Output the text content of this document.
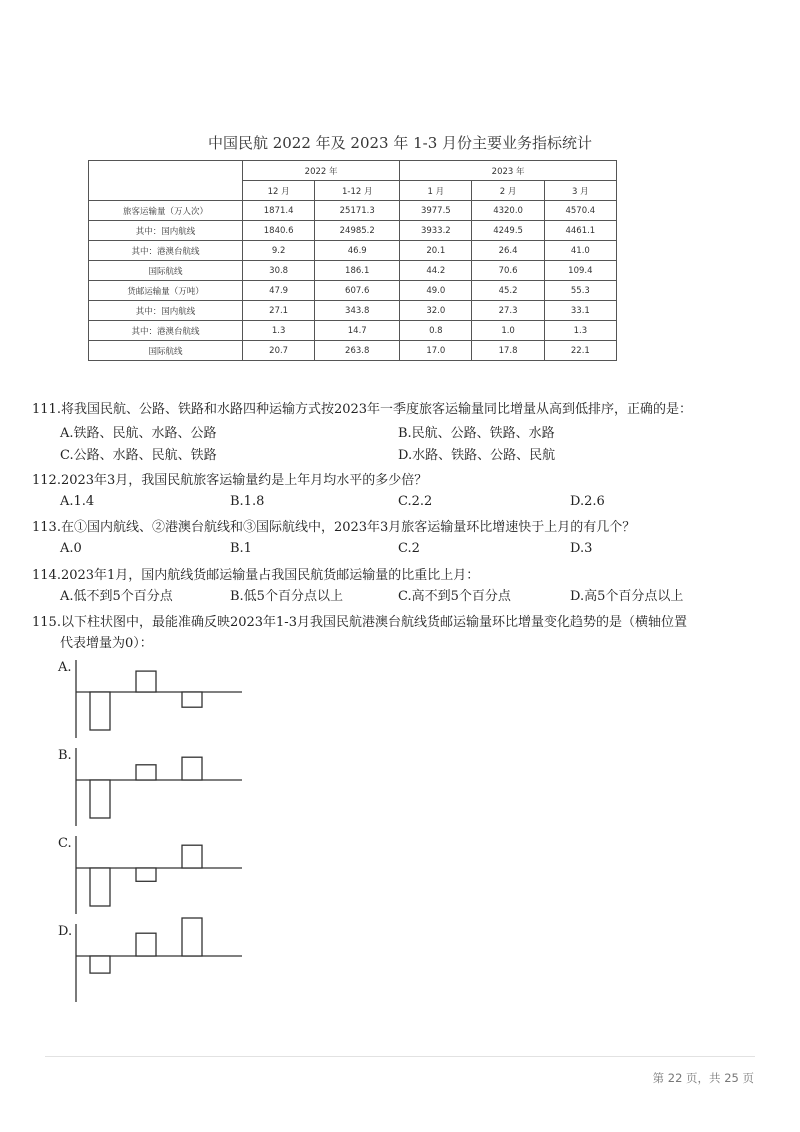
中国民航 2022 年及 2023 年 1-3 月份主要业务指标统计
	2022 年		2023 年		
	12 月	1-12 月	1 月	2 月	3 月
旅客运输量（万人次）	1871.4	25171.3	3977.5	4320.0	4570.4
其中：国内航线	1840.6	24985.2	3933.2	4249.5	4461.1
其中：港澳台航线	9.2	46.9	20.1	26.4	41.0
国际航线	30.8	186.1	44.2	70.6	109.4
货邮运输量（万吨）	47.9	607.6	49.0	45.2	55.3
其中：国内航线	27.1	343.8	32.0	27.3	33.1
其中：港澳台航线	1.3	14.7	0.8	1.0	1.3
国际航线	20.7	263.8	17.0	17.8	22.1
111.将我国民航、公路、铁路和水路四种运输方式按2023年一季度旅客运输量同比增量从高到低排序，正确的是：
A.铁路、民航、水路、公路	B.民航、公路、铁路、水路
C.公路、水路、民航、铁路	D.水路、铁路、公路、民航
112.2023年3月，我国民航旅客运输量约是上年月均水平的多少倍？
A.1.4	B.1.8	C.2.2	D.2.6
113.在①国内航线、②港澳台航线和③国际航线中，2023年3月旅客运输量环比增速快于上月的有几个？
A.0	B.1	C.2	D.3
114.2023年1月，国内航线货邮运输量占我国民航货邮运输量的比重比上月：
A.低不到5个百分点	B.低5个百分点以上	C.高不到5个百分点	D.高5个百分点以上
115.以下柱状图中，最能准确反映2023年1-3月我国民航港澳台航线货邮运输量环比增量变化趋势的是（横轴位置
代表增量为0）：
A.
B.
C.
D.
第 22 页，共 25 页
